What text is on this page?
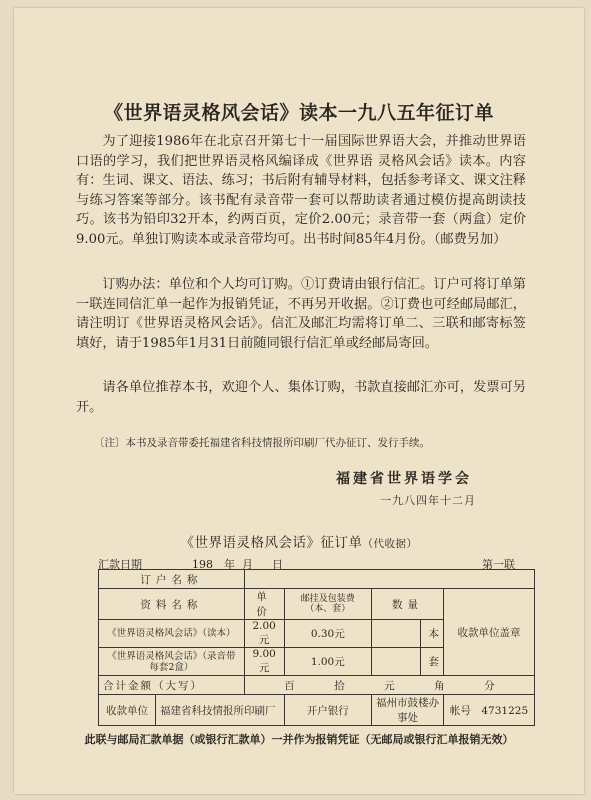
《世界语灵格风会话》读本一九八五年征订单
为了迎接1986年在北京召开第七十一届国际世界语大会，并推动世界语口语的学习，我们把世界语灵格风编译成《世界语 灵格风会话》读本。内容有：生词、课文、语法、练习；书后附有辅导材料，包括参考译文、课文注释与练习答案等部分。该书配有录音带一套可以帮助读者通过模仿提高朗读技巧。该书为铅印32开本，约两百页，定价2.00元；录音带一套（两盒）定价9.00元。单独订购读本或录音带均可。出书时间85年4月份。（邮费另加）
订购办法：单位和个人均可订购。①订费请由银行信汇。订户可将订单第一联连同信汇单一起作为报销凭证，不再另开收据。②订费也可经邮局邮汇，请注明订《世界语灵格风会话》。信汇及邮汇均需将订单二、三联和邮寄标签填好，请于1985年1月31日前随同银行信汇单或经邮局寄回。
请各单位推荐本书，欢迎个人、集体订购，书款直接邮汇亦可，发票可另开。
〔注〕本书及录音带委托福建省科技情报所印刷厂代办征订、发行手续。
福建省世界语学会
一九八四年十二月
《世界语灵格风会话》征订单（代收据）
汇款日期	198　年 月 日	第一联
订户名称						
资料名称		单价	邮挂及包装费（本、套）	数量		收款单位盖章
《世界语灵格风会话》（读本）		2.00元	0.30元		本	
《世界语灵格风会话》（录音带每套2盒）		9.00元	1.00元		套	
合计金额（大写）		百 拾 元 角 分				
收款单位	福建省科技情报所印刷厂		开户银行	福州市鼓楼办事处		帐号　 4731225
此联与邮局汇款单据（或银行汇款单）一并作为报销凭证（无邮局或银行汇单报销无效）
